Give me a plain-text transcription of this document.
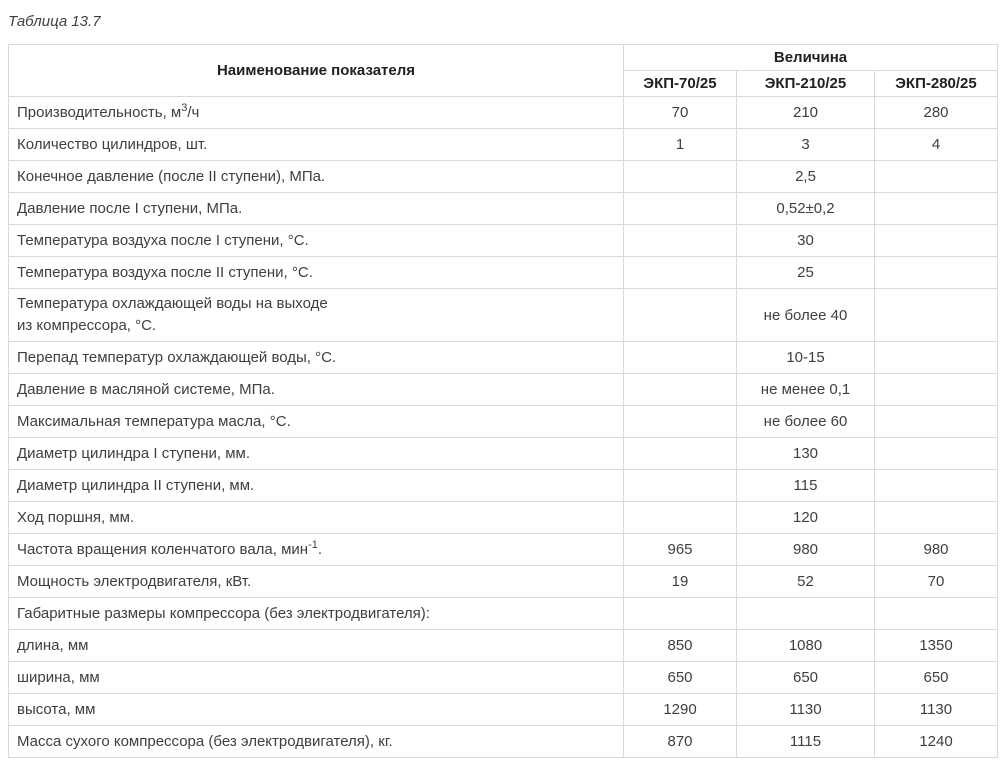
Таблица 13.7
Наименование показателя	Величина		
	ЭКП-70/25	ЭКП-210/25	ЭКП-280/25
Производительность, $м^3/ч$	70	210	280
Количество цилиндров, шт.	1	3	4
Конечное давление (после II ступени), МПа.		2,5	
Давление после I ступени, МПа.		0,52±0,2	
Температура воздуха после I ступени, °С.		30	
Температура воздуха после II ступени, °С.		25	
Температура охлаждающей воды на выходе
из компрессора, °С.		не более 40	
Перепад температур охлаждающей воды, °С.		10-15	
Давление в масляной системе, МПа.		не менее 0,1	
Максимальная температура масла, °С.		не более 60	
Диаметр цилиндра I ступени, мм.		130	
Диаметр цилиндра II ступени, мм.		115	
Ход поршня, мм.		120	
Частота вращения коленчатого вала, мин$^{-1}$.	965	980	980
Мощность электродвигателя, кВт.	19	52	70
Габаритные размеры компрессора (без электродвигателя):

длина, мм	850	1080	1350
ширина, мм	650	650	650
высота, мм	1290	1130	1130
Масса сухого компрессора (без электродвигателя), кг.	870	1115	1240
